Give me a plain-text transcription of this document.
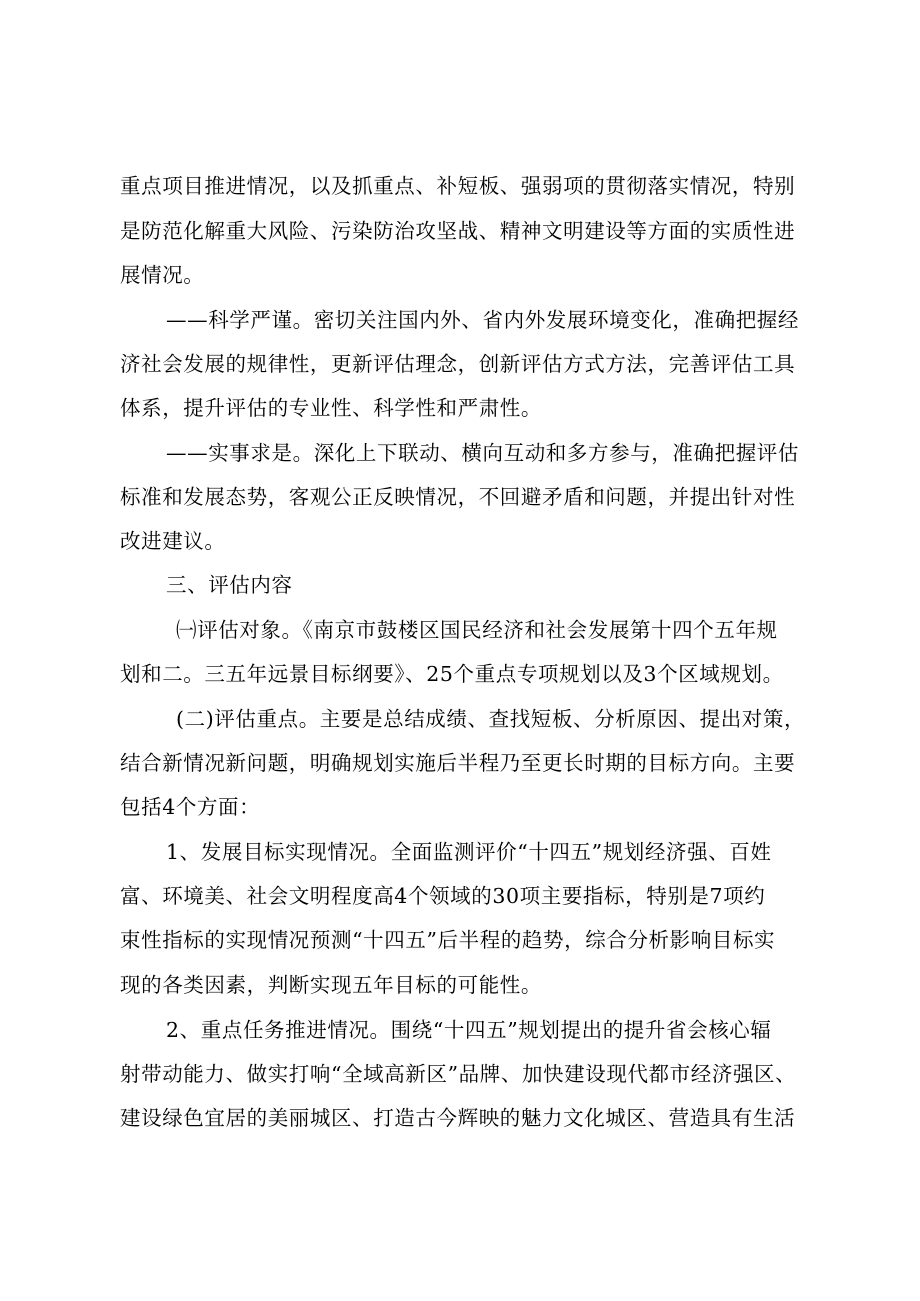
重点项目推进情况，以及抓重点、补短板、强弱项的贯彻落实情况，特别
是防范化解重大风险、污染防治攻坚战、精神文明建设等方面的实质性进
展情况。
——科学严谨。密切关注国内外、省内外发展环境变化，准确把握经
济社会发展的规律性，更新评估理念，创新评估方式方法，完善评估工具
体系，提升评估的专业性、科学性和严肃性。
——实事求是。深化上下联动、横向互动和多方参与，准确把握评估
标准和发展态势，客观公正反映情况，不回避矛盾和问题，并提出针对性
改进建议。
三、评估内容
㈠评估对象。《南京市鼓楼区国民经济和社会发展第十四个五年规
划和二。三五年远景目标纲要》、25个重点专项规划以及3个区域规划。
(二)评估重点。主要是总结成绩、查找短板、分析原因、提出对策，
结合新情况新问题，明确规划实施后半程乃至更长时期的目标方向。主要
包括4个方面：
1、发展目标实现情况。全面监测评价“十四五”规划经济强、百姓
富、环境美、社会文明程度高4个领域的30项主要指标，特别是7项约
束性指标的实现情况预测“十四五”后半程的趋势，综合分析影响目标实
现的各类因素，判断实现五年目标的可能性。
2、重点任务推进情况。围绕“十四五”规划提出的提升省会核心辐
射带动能力、做实打响“全域高新区”品牌、加快建设现代都市经济强区、
建设绿色宜居的美丽城区、打造古今辉映的魅力文化城区、营造具有生活
